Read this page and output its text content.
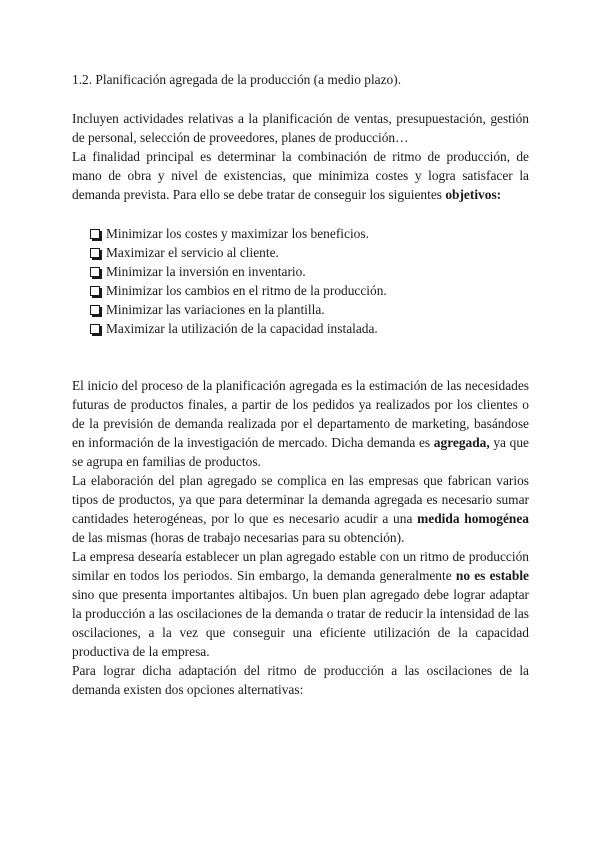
1.2. Planificación agregada de la producción (a medio plazo).

Incluyen actividades relativas a la planificación de ventas, presupuestación, gestión de personal, selección de proveedores, planes de producción…

La finalidad principal es determinar la combinación de ritmo de producción, de mano de obra y nivel de existencias, que minimiza costes y logra satisfacer la demanda prevista. Para ello se debe tratar de conseguir los siguientes objetivos:

Minimizar los costes y maximizar los beneficios.
Maximizar el servicio al cliente.
Minimizar la inversión en inventario.
Minimizar los cambios en el ritmo de la producción.
Minimizar las variaciones en la plantilla.
Maximizar la utilización de la capacidad instalada.

El inicio del proceso de la planificación agregada es la estimación de las necesidades futuras de productos finales, a partir de los pedidos ya realizados por los clientes o de la previsión de demanda realizada por el departamento de marketing, basándose en información de la investigación de mercado. Dicha demanda es agregada, ya que se agrupa en familias de productos.

La elaboración del plan agregado se complica en las empresas que fabrican varios tipos de productos, ya que para determinar la demanda agregada es necesario sumar cantidades heterogéneas, por lo que es necesario acudir a una medida homogénea de las mismas (horas de trabajo necesarias para su obtención).

La empresa desearía establecer un plan agregado estable con un ritmo de producción similar en todos los periodos. Sin embargo, la demanda generalmente no es estable sino que presenta importantes altibajos. Un buen plan agregado debe lograr adaptar la producción a las oscilaciones de la demanda o tratar de reducir la intensidad de las oscilaciones, a la vez que conseguir una eficiente utilización de la capacidad productiva de la empresa.

Para lograr dicha adaptación del ritmo de producción a las oscilaciones de la demanda existen dos opciones alternativas:
